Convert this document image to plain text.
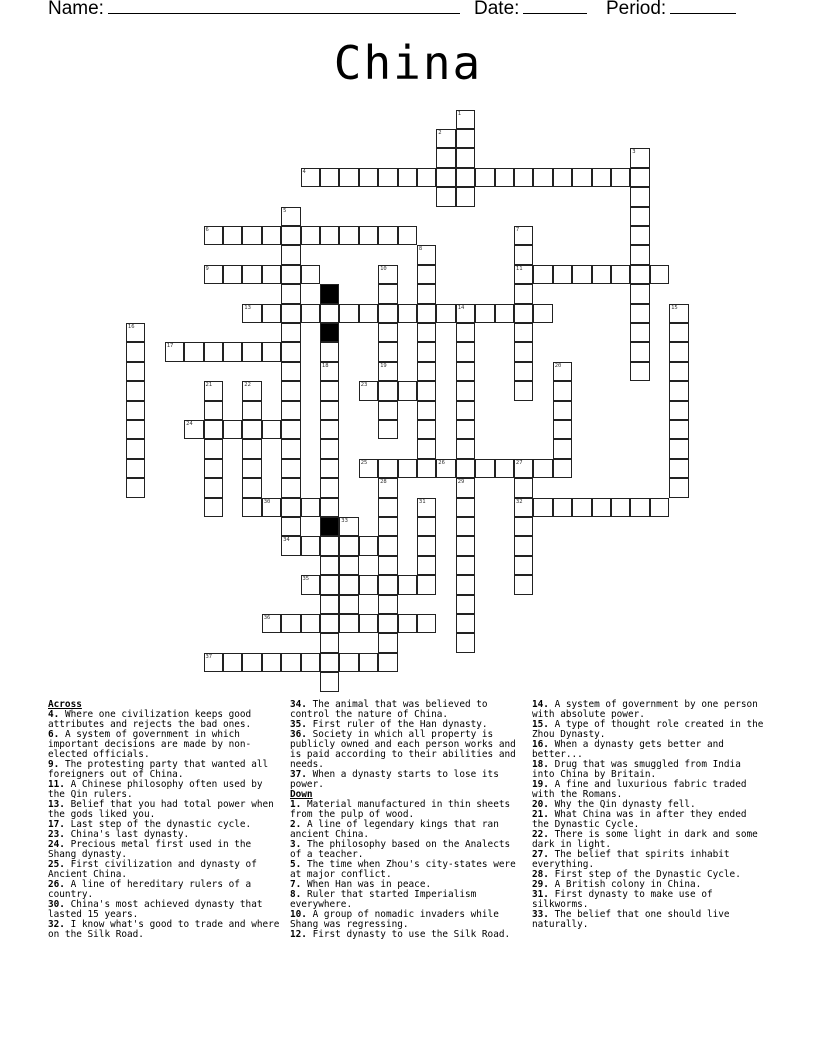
Name:	Date:	Period:
China
1
2
3
4
5
34
6	7
11
8
9	10
18
13	14	15
16
17
19	20
21	22	23
24
25	26	27
32
28	29
30	31
33
35
36
37
Across
4. Where one civilization keeps good attributes and rejects the bad ones.
6. A system of government in which important decisions are made by non-elected officials.
9. The protesting party that wanted all foreigners out of China.
11. A Chinese philosophy often used by the Qin rulers.
13. Belief that you had total power when the gods liked you.
17. Last step of the dynastic cycle.
23. China's last dynasty.
24. Precious metal first used in the Shang dynasty.
25. First civilization and dynasty of Ancient China.
26. A line of hereditary rulers of a country.
30. China's most achieved dynasty that lasted 15 years.
32. I know what's good to trade and where on the Silk Road.
34. The animal that was believed to control the nature of China.
35. First ruler of the Han dynasty.
36. Society in which all property is publicly owned and each person works and is paid according to their abilities and needs.
37. When a dynasty starts to lose its power.
Down
1. Material manufactured in thin sheets from the pulp of wood.
2. A line of legendary kings that ran ancient China.
3. The philosophy based on the Analects of a teacher.
5. The time when Zhou's city-states were at major conflict.
7. When Han was in peace.
8. Ruler that started Imperialism everywhere.
10. A group of nomadic invaders while Shang was regressing.
12. First dynasty to use the Silk Road.
14. A system of government by one person with absolute power.
15. A type of thought role created in the Zhou Dynasty.
16. When a dynasty gets better and better...
18. Drug that was smuggled from India into China by Britain.
19. A fine and luxurious fabric traded with the Romans.
20. Why the Qin dynasty fell.
21. What China was in after they ended the Dynastic Cycle.
22. There is some light in dark and some dark in light.
27. The belief that spirits inhabit everything.
28. First step of the Dynastic Cycle.
29. A British colony in China.
31. First dynasty to make use of silkworms.
33. The belief that one should live naturally.
